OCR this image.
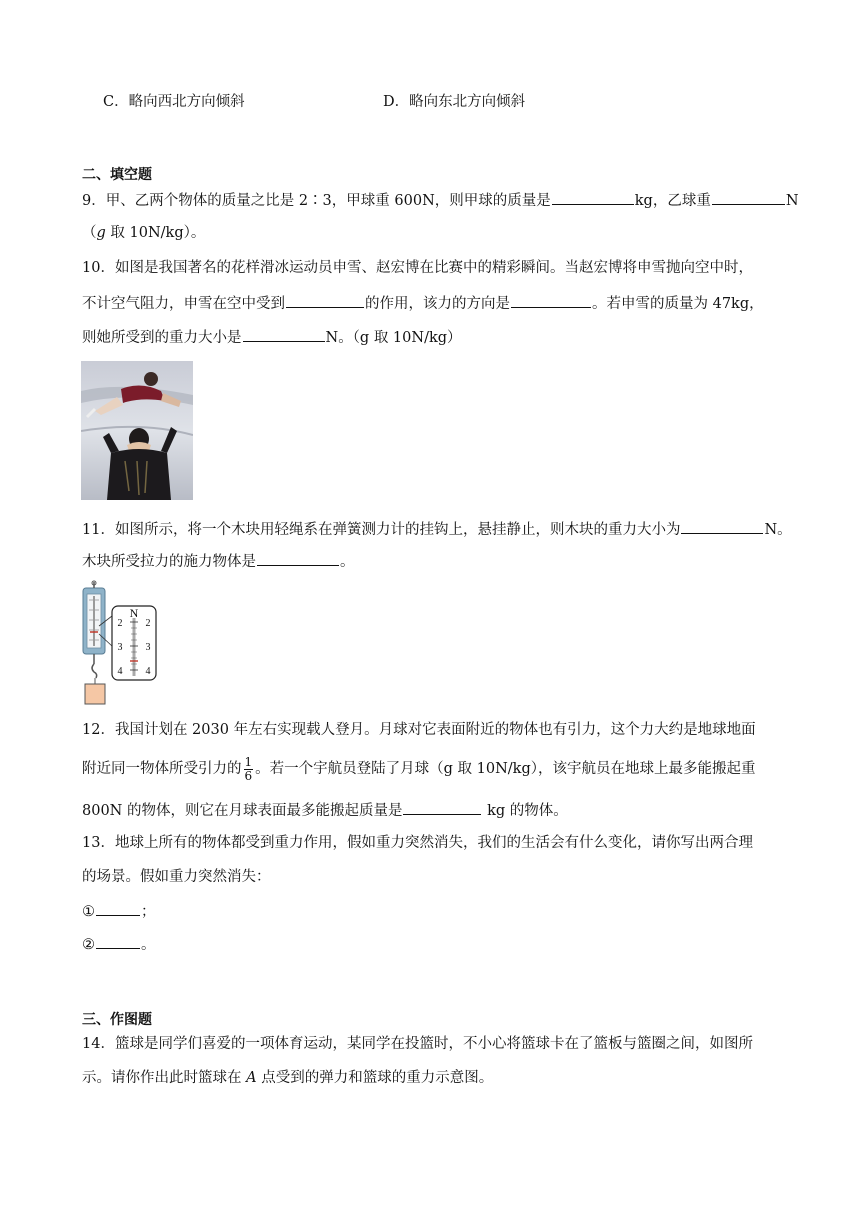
C．略向西北方向倾斜	D．略向东北方向倾斜
二、填空题
9．甲、乙两个物体的质量之比是 2∶3，甲球重 600N，则甲球的质量是	kg，乙球重	N
（g 取 10N/kg）。
10．如图是我国著名的花样滑冰运动员申雪、赵宏博在比赛中的精彩瞬间。当赵宏博将申雪抛向空中时，
不计空气阻力，申雪在空中受到	的作用，该力的方向是	。若申雪的质量为 47kg，
则她所受到的重力大小是	N。（g 取 10N/kg）
11．如图所示，将一个木块用轻绳系在弹簧测力计的挂钩上，悬挂静止，则木块的重力大小为	N。
木块所受拉力的施力物体是	。
N
2
3
4
2
3
4
12．我国计划在 2030 年左右实现载人登月。月球对它表面附近的物体也有引力，这个力大约是地球地面
附近同一物体所受引力的 $\frac{1}{6}$ 。若一个宇航员登陆了月球（g 取 10N/kg），该宇航员在地球上最多能搬起重
800N 的物体，则它在月球表面最多能搬起质量是	kg 的物体。
13．地球上所有的物体都受到重力作用，假如重力突然消失，我们的生活会有什么变化，请你写出两合理
的场景。假如重力突然消失：
①	；
②	。
三、作图题
14．篮球是同学们喜爱的一项体育运动，某同学在投篮时，不小心将篮球卡在了篮板与篮圈之间，如图所
示。请你作出此时篮球在 A 点受到的弹力和篮球的重力示意图。
